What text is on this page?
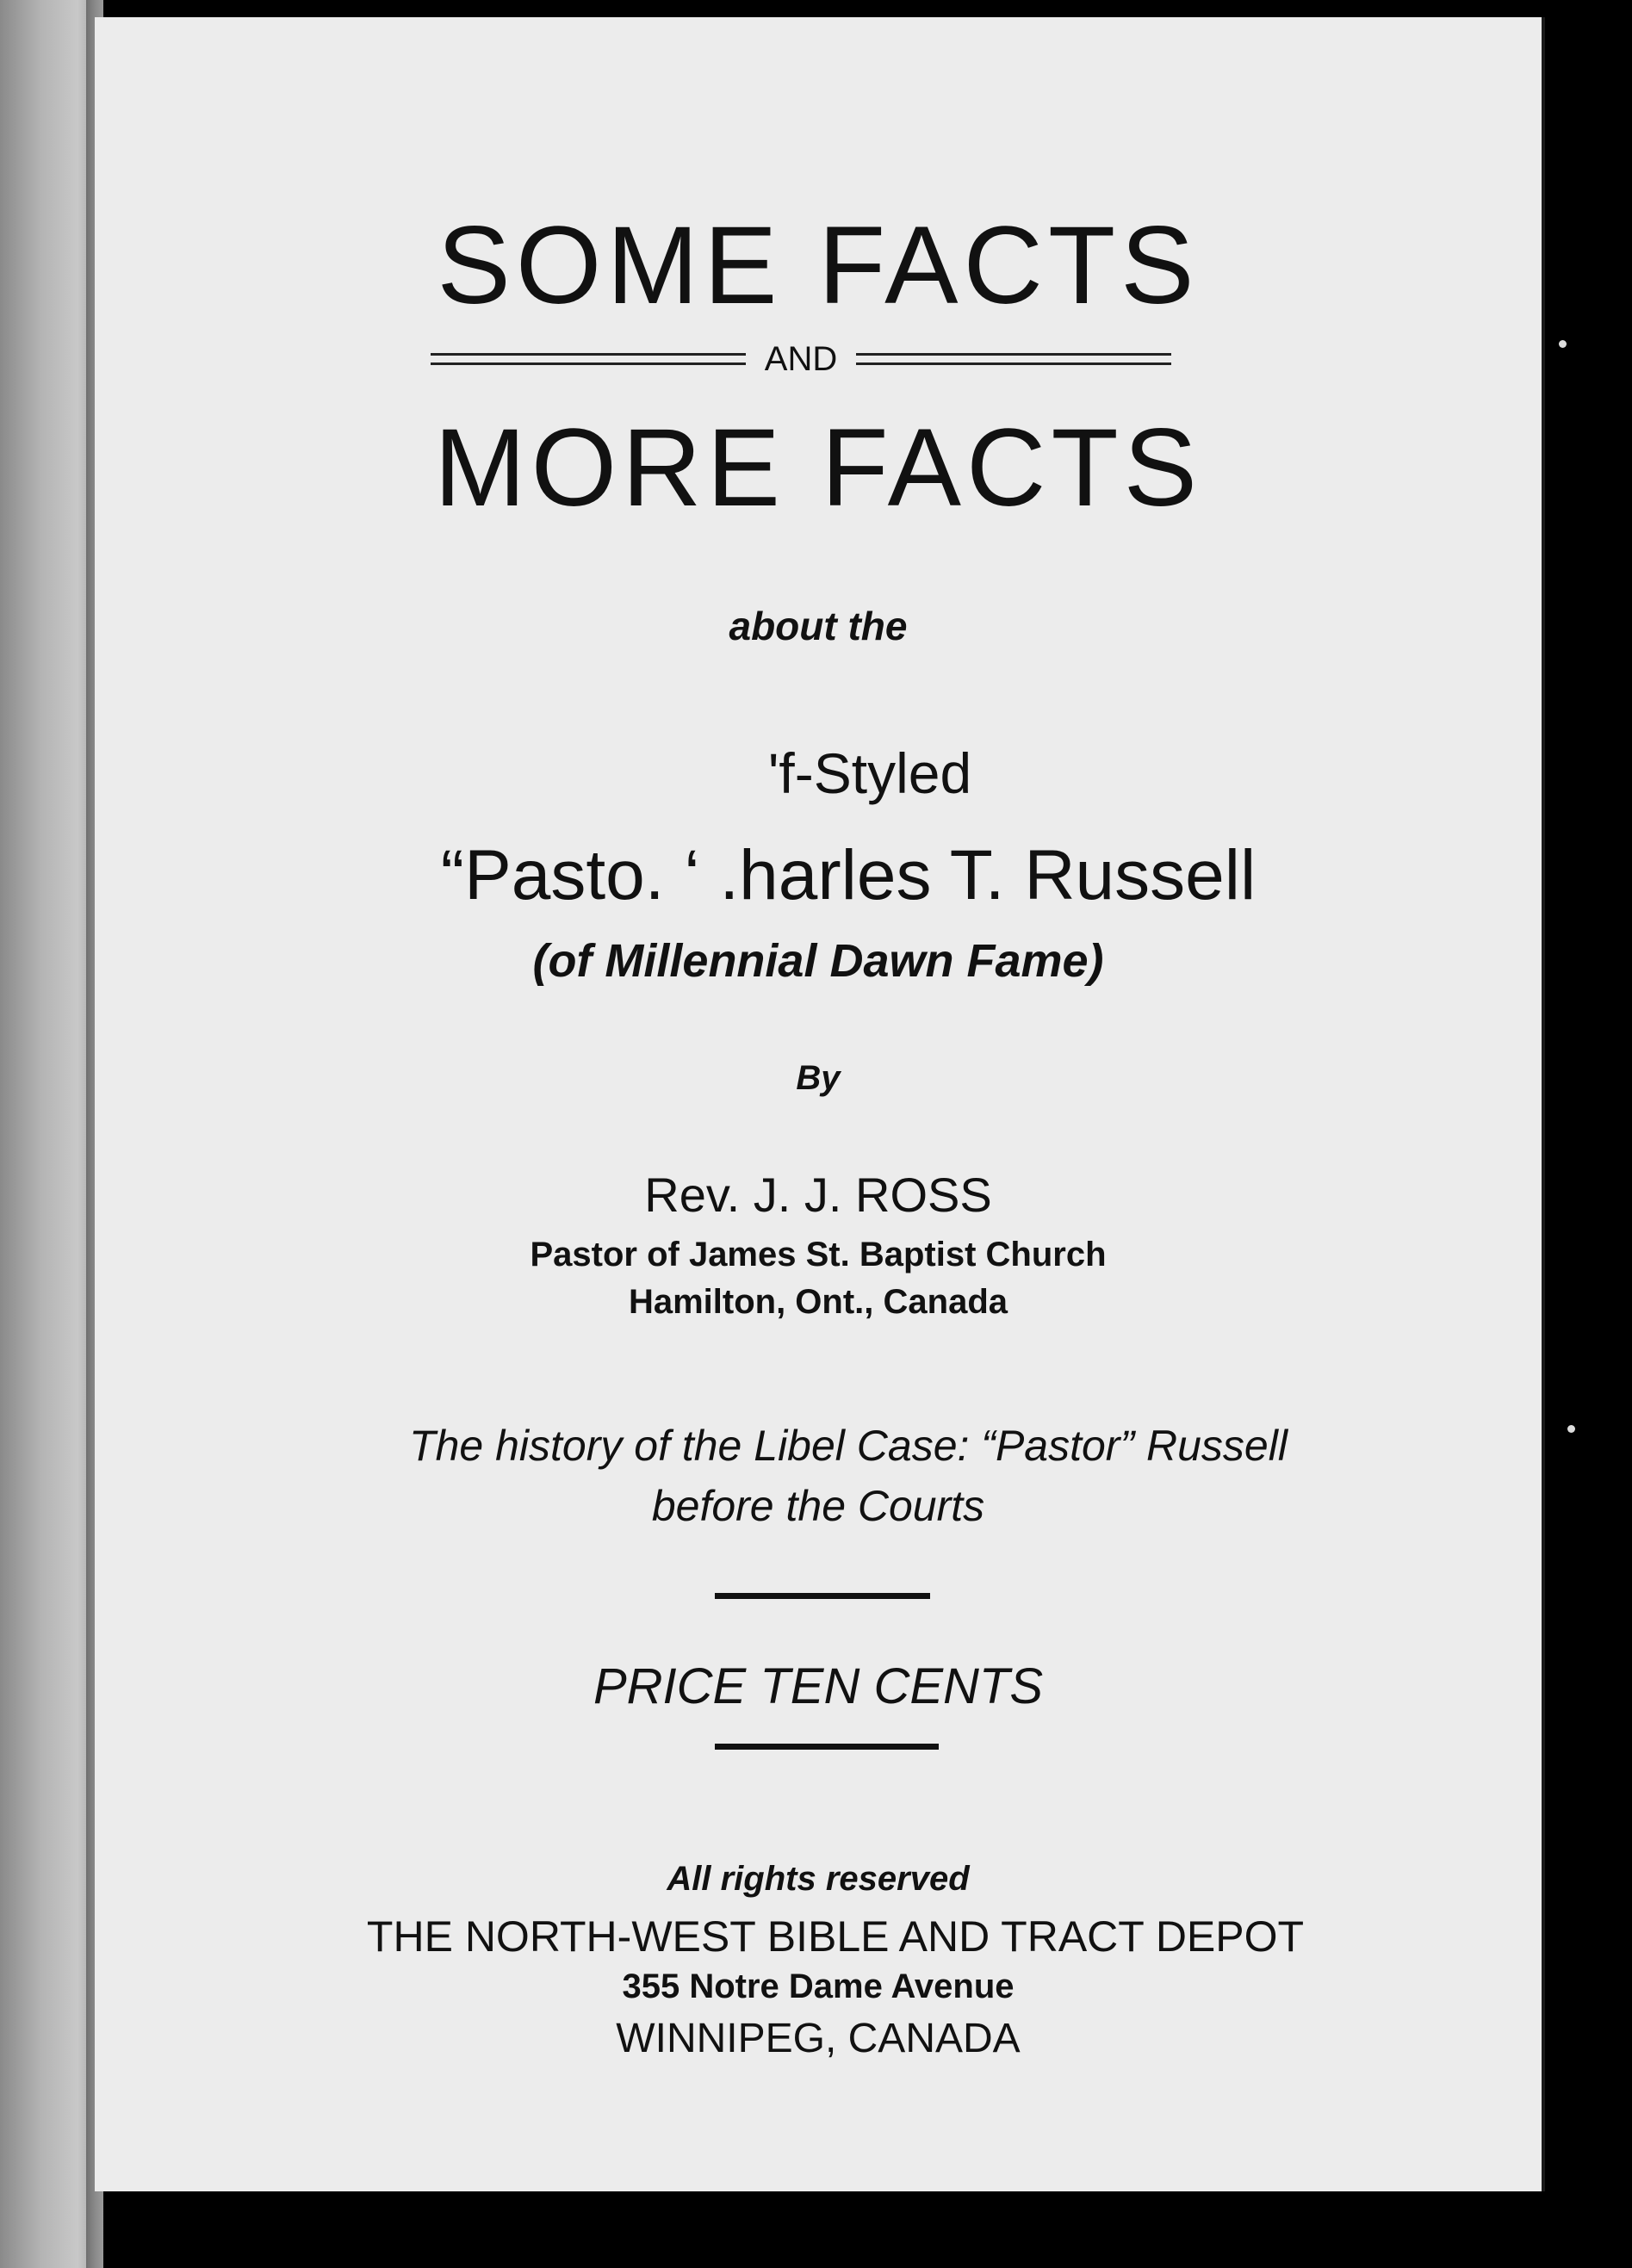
SOME FACTS
AND
MORE FACTS
about the
'f-Styled
“Pasto. ‘ .harles T. Russell
(of Millennial Dawn Fame)
By
Rev. J. J. ROSS
Pastor of James St. Baptist Church
Hamilton, Ont., Canada
The history of the Libel Case: “Pastor” Russell
before the Courts
PRICE TEN CENTS
All rights reserved
THE NORTH-WEST BIBLE AND TRACT DEPOT
355 Notre Dame Avenue
WINNIPEG, CANADA
